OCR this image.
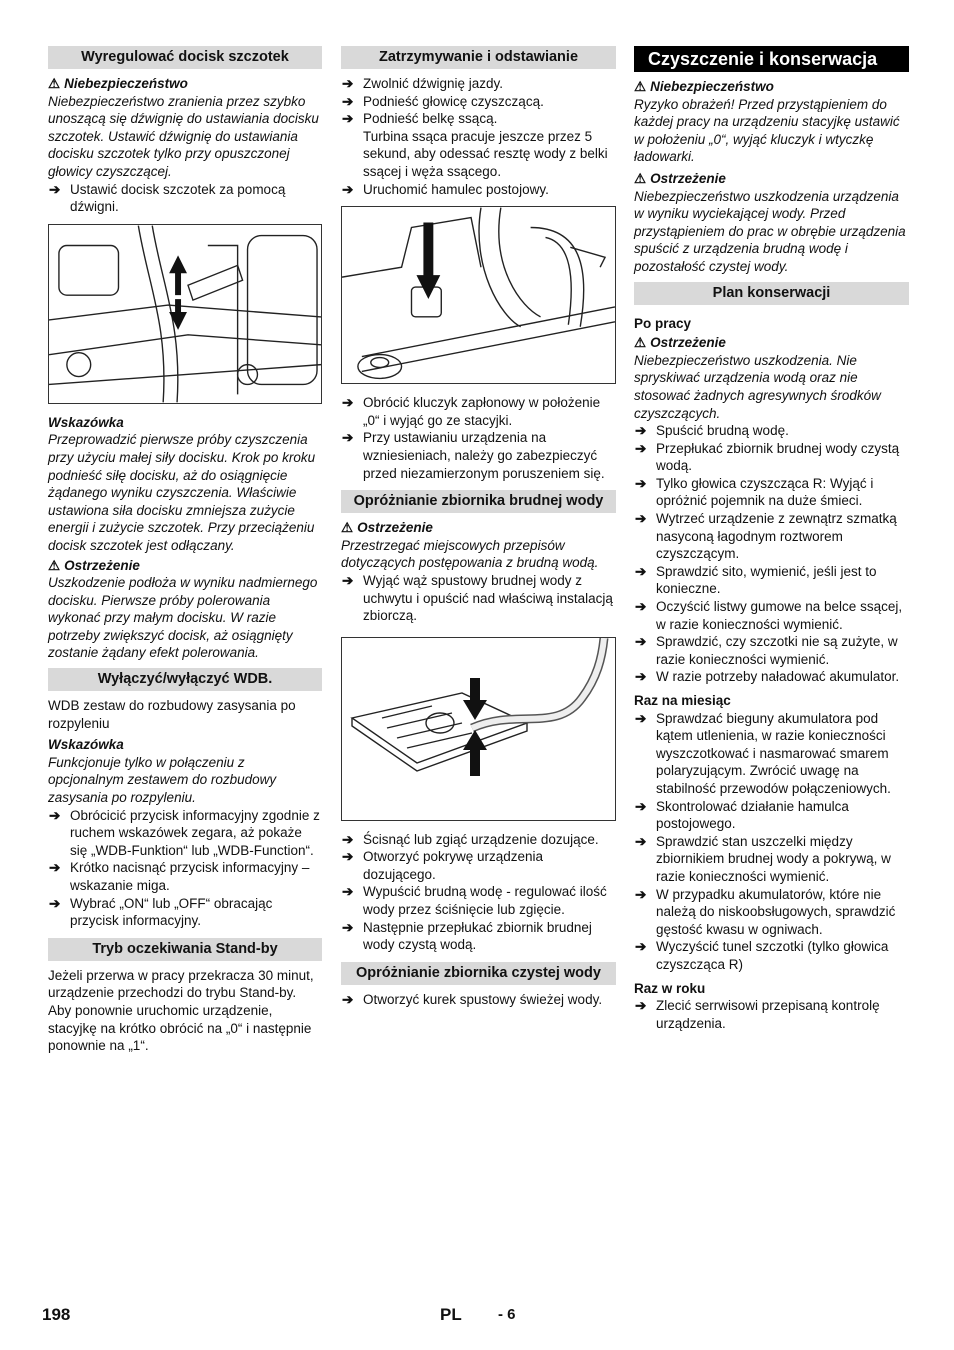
Wyregulować docisk szczotek
⚠ Niebezpieczeństwo

Niebezpieczeństwo zranienia przez szybko unoszącą się dźwignię do ustawiania docisku szczotek. Ustawić dźwignię do ustawiania docisku szczotek tylko przy opuszczonej głowicy czyszczącej.

➔ Ustawić docisk szczotek za pomocą dźwigni.
Wskazówka

Przeprowadzić pierwsze próby czyszczenia przy użyciu małej siły docisku. Krok po kroku podnieść siłę docisku, aż do osiągnięcie żądanego wyniku czyszczenia. Właściwie ustawiona siła docisku zmniejsza zużycie energii i zużycie szczotek. Przy przeciążeniu docisk szczotek jest odłączany.

⚠ Ostrzeżenie

Uszkodzenie podłoża w wyniku nadmiernego docisku. Pierwsze próby polerowania wykonać przy małym docisku. W razie potrzeby zwiększyć docisk, aż osiągnięty zostanie żądany efekt polerowania.

Wyłączyć/wyłączyć WDB.

WDB zestaw do rozbudowy zasysania po rozpyleniu

Wskazówka

Funkcjonuje tylko w połączeniu z opcjonalnym zestawem do rozbudowy zasysania po rozpyleniu.

➔ Obrócicić przycisk informacyjny zgodnie z ruchem wskazówek zegara, aż pokaże się „WDB-Funktion“ lub „WDB-Function“.
➔ Krótko nacisnąć przycisk informacyjny – wskazanie miga.
➔ Wybrać „ON“ lub „OFF“ obracając przycisk informacyjny.
Tryb oczekiwania Stand-by

Jeżeli przerwa w pracy przekracza 30 minut, urządzenie przechodzi do trybu Stand-by. Aby ponownie uruchomic urządzenie, stacyjkę na krótko obrócić na „0“ i następnie ponownie na „1“.

Zatrzymywanie i odstawianie
➔ Zwolnić dźwignię jazdy.
➔ Podnieść głowicę czyszczącą.
➔ Podnieść belkę ssącą.

Turbina ssąca pracuje jeszcze przez 5 sekund, aby odessać resztę wody z belki ssącej i węża ssącego.

➔ Uruchomić hamulec postojowy.
➔ Obrócić kluczyk zapłonowy w położenie „0“ i wyjąć go ze stacyjki.
➔ Przy ustawianiu urządzenia na wzniesieniach, należy go zabezpieczyć przed niezamierzonym poruszeniem się.
Opróżnianie zbiornika brudnej wody
⚠ Ostrzeżenie

Przestrzegać miejscowych przepisów dotyczących postępowania z brudną wodą.

➔ Wyjąć wąż spustowy brudnej wody z uchwytu i opuścić nad właściwą instalacją zbiorczą.
➔ Ścisnąć lub zgiąć urządzenie dozujące.
➔ Otworzyć pokrywę urządzenia dozującego.
➔ Wypuścić brudną wodę - regulować ilość wody przez ściśnięcie lub zgięcie.
➔ Następnie przepłukać zbiornik brudnej wody czystą wodą.
Opróżnianie zbiornika czystej wody
➔ Otworzyć kurek spustowy świeżej wody.
Czyszczenie i konserwacja
⚠ Niebezpieczeństwo

Ryzyko obrażeń! Przed przystąpieniem do każdej pracy na urządzeniu stacyjkę ustawić w położeniu „0“, wyjąć kluczyk i wtyczkę ładowarki.

⚠ Ostrzeżenie

Niebezpieczeństwo uszkodzenia urządzenia w wyniku wyciekającej wody. Przed przystąpieniem do prac w obrębie urządzenia spuścić z urządzenia brudną wodę i pozostałość czystej wody.

Plan konserwacji
Po pracy
⚠ Ostrzeżenie

Niebezpieczeństwo uszkodzenia. Nie spryskiwać urządzenia wodą oraz nie stosować żadnych agresywnych środków czyszczących.

➔ Spuścić brudną wodę.
➔ Przepłukać zbiornik brudnej wody czystą wodą.
➔ Tylko głowica czyszcząca R: Wyjąć i opróżnić pojemnik na duże śmieci.
➔ Wytrzeć urządzenie z zewnątrz szmatką nasyconą łagodnym roztworem czyszczącym.
➔ Sprawdzić sito, wymienić, jeśli jest to konieczne.
➔ Oczyścić listwy gumowe na belce ssącej, w razie konieczności wymienić.
➔ Sprawdzić, czy szczotki nie są zużyte, w razie konieczności wymienić.
➔ W razie potrzeby naładować akumulator.
Raz na miesiąc
➔ Sprawdzać bieguny akumulatora pod kątem utlenienia, w razie konieczności wyszczotkować i nasmarować smarem polaryzującym. Zwrócić uwagę na stabilność przewodów połączeniowych.
➔ Skontrolować działanie hamulca postojowego.
➔ Sprawdzić stan uszczelki między zbiornikiem brudnej wody a pokrywą, w razie konieczności wymienić.
➔ W przypadku akumulatorów, które nie należą do niskoobsługowych, sprawdzić gęstość kwasu w ogniwach.
➔ Wyczyścić tunel szczotki (tylko głowica czyszcząca R)
Raz w roku
➔ Zlecić serrwisowi przepisaną kontrolę urządzenia.
198	PL - 6
